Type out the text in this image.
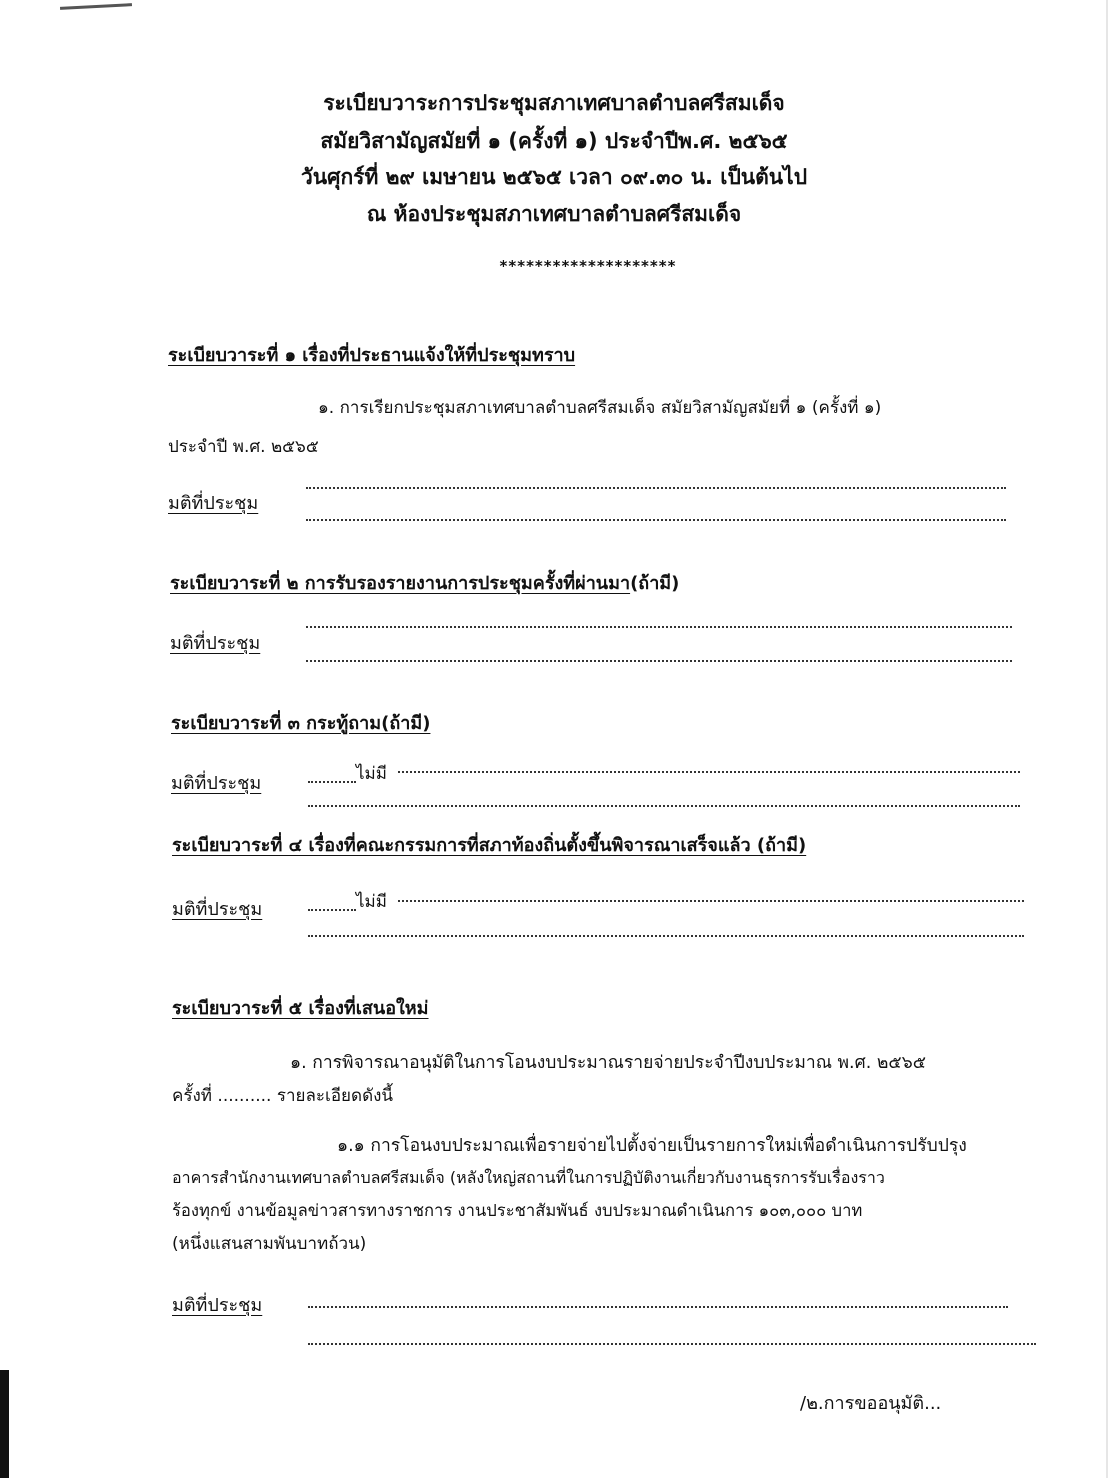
ระเบียบวาระการประชุมสภาเทศบาลตำบลศรีสมเด็จ
สมัยวิสามัญสมัยที่ ๑ (ครั้งที่ ๑) ประจำปีพ.ศ. ๒๕๖๕
วันศุกร์ที่ ๒๙ เมษายน ๒๕๖๕ เวลา ๐๙.๓๐ น. เป็นต้นไป
ณ ห้องประชุมสภาเทศบาลตำบลศรีสมเด็จ
********************
ระเบียบวาระที่ ๑ เรื่องที่ประธานแจ้งให้ที่ประชุมทราบ
๑. การเรียกประชุมสภาเทศบาลตำบลศรีสมเด็จ สมัยวิสามัญสมัยที่ ๑ (ครั้งที่ ๑)
ประจำปี พ.ศ. ๒๕๖๕
มติที่ประชุม
ระเบียบวาระที่ ๒ การรับรองรายงานการประชุมครั้งที่ผ่านมา(ถ้ามี)
มติที่ประชุม
ระเบียบวาระที่ ๓ กระทู้ถาม(ถ้ามี)
มติที่ประชุม	ไม่มี
ระเบียบวาระที่ ๔ เรื่องที่คณะกรรมการที่สภาท้องถิ่นตั้งขึ้นพิจารณาเสร็จแล้ว (ถ้ามี)
มติที่ประชุม	ไม่มี
ระเบียบวาระที่ ๕ เรื่องที่เสนอใหม่
๑. การพิจารณาอนุมัติในการโอนงบประมาณรายจ่ายประจำปีงบประมาณ พ.ศ. ๒๕๖๕
ครั้งที่ .......... รายละเอียดดังนี้
๑.๑ การโอนงบประมาณเพื่อรายจ่ายไปตั้งจ่ายเป็นรายการใหม่เพื่อดำเนินการปรับปรุง
อาคารสำนักงานเทศบาลตำบลศรีสมเด็จ (หลังใหญ่สถานที่ในการปฏิบัติงานเกี่ยวกับงานธุรการรับเรื่องราว
ร้องทุกข์ งานข้อมูลข่าวสารทางราชการ งานประชาสัมพันธ์ งบประมาณดำเนินการ ๑๐๓,๐๐๐ บาท
(หนึ่งแสนสามพันบาทถ้วน)
มติที่ประชุม
/๒.การขออนุมัติ...
